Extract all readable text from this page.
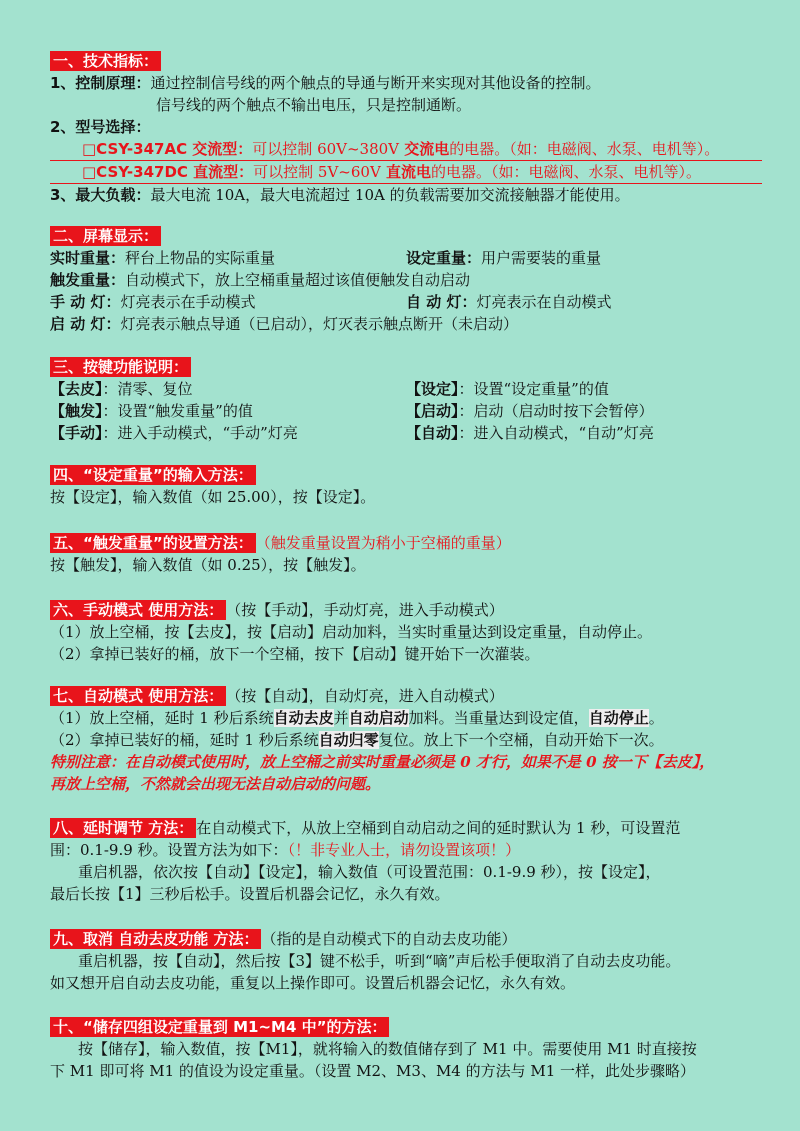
一、技术指标：
1、控制原理：通过控制信号线的两个触点的导通与断开来实现对其他设备的控制。
信号线的两个触点不输出电压，只是控制通断。
2、型号选择：
□CSY-347AC 交流型：可以控制 60V~380V 交流电的电器。（如：电磁阀、水泵、电机等）。
□CSY-347DC 直流型：可以控制 5V~60V 直流电的电器。（如：电磁阀、水泵、电机等）。
3、最大负载：最大电流 10A，最大电流超过 10A 的负载需要加交流接触器才能使用。
二、屏幕显示：
实时重量：秤台上物品的实际重量	设定重量：用户需要装的重量
触发重量：自动模式下，放上空桶重量超过该值便触发自动启动
手 动 灯：灯亮表示在手动模式	自 动 灯：灯亮表示在自动模式
启 动 灯：灯亮表示触点导通（已启动），灯灭表示触点断开（未启动）
三、按键功能说明：
【去皮】：清零、复位	【设定】：设置“设定重量”的值
【触发】：设置“触发重量”的值	【启动】：启动（启动时按下会暂停）
【手动】：进入手动模式，“手动”灯亮	【自动】：进入自动模式，“自动”灯亮
四、“设定重量”的输入方法：
按【设定】，输入数值（如 25.00），按【设定】。
五、“触发重量”的设置方法： （触发重量设置为稍小于空桶的重量）
按【触发】，输入数值（如 0.25），按【触发】。
六、手动模式 使用方法： （按【手动】，手动灯亮，进入手动模式）
（1）放上空桶，按【去皮】，按【启动】启动加料，当实时重量达到设定重量，自动停止。
（2）拿掉已装好的桶，放下一个空桶，按下【启动】键开始下一次灌装。
七、自动模式 使用方法： （按【自动】，自动灯亮，进入自动模式）
（1）放上空桶，延时 1 秒后系统自动去皮并自动启动加料。当重量达到设定值，自动停止。
（2）拿掉已装好的桶，延时 1 秒后系统自动归零复位。放上下一个空桶，自动开始下一次。
特别注意：在自动模式使用时，放上空桶之前实时重量必须是 0 才行，如果不是 0 按一下【去皮】，
再放上空桶，不然就会出现无法自动启动的问题。
八、延时调节 方法： 在自动模式下，从放上空桶到自动启动之间的延时默认为 1 秒，可设置范
围：0.1-9.9 秒。设置方法为如下：（！非专业人士，请勿设置该项！）
重启机器，依次按【自动】【设定】，输入数值（可设置范围：0.1-9.9 秒），按【设定】，
最后长按【1】三秒后松手。设置后机器会记忆，永久有效。
九、取消 自动去皮功能 方法： （指的是自动模式下的自动去皮功能）
重启机器，按【自动】，然后按【3】键不松手，听到“嘀”声后松手便取消了自动去皮功能。
如又想开启自动去皮功能，重复以上操作即可。设置后机器会记忆，永久有效。
十、“储存四组设定重量到 M1~M4 中”的方法：
按【储存】，输入数值，按【M1】，就将输入的数值储存到了 M1 中。需要使用 M1 时直接按
下 M1 即可将 M1 的值设为设定重量。（设置 M2、M3、M4 的方法与 M1 一样，此处步骤略）
